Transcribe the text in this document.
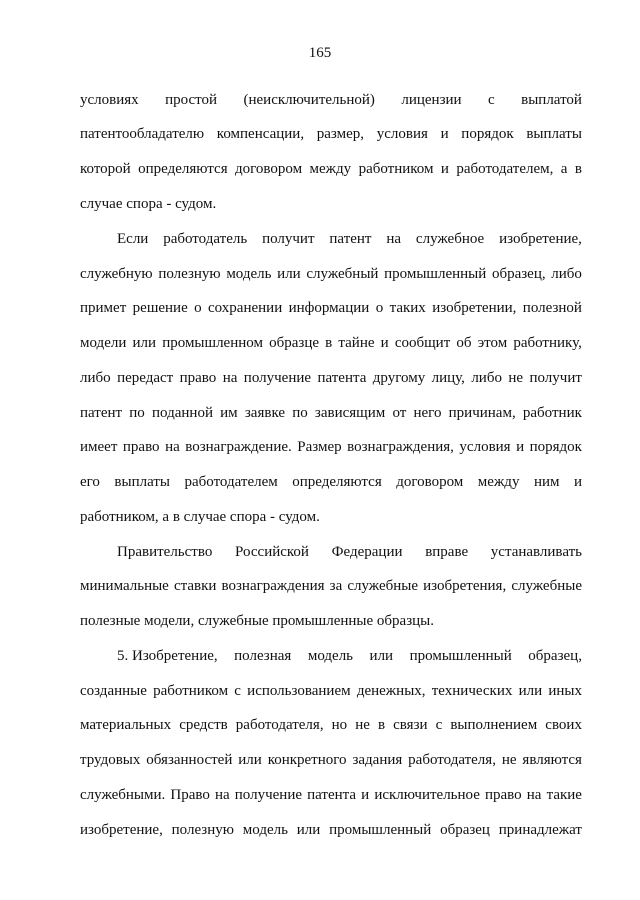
165
условиях простой (неисключительной) лицензии с выплатой
патентообладателю компенсации, размер, условия и порядок выплаты
которой определяются договором между работником и работодателем, а в
случае спора - судом.
Если работодатель получит патент на служебное изобретение,
служебную полезную модель или служебный промышленный образец, либо
примет решение о сохранении информации о таких изобретении, полезной
модели или промышленном образце в тайне и сообщит об этом работнику,
либо передаст право на получение патента другому лицу, либо не получит
патент по поданной им заявке по зависящим от него причинам, работник
имеет право на вознаграждение. Размер вознаграждения, условия и порядок
его выплаты работодателем определяются договором между ним и
работником, а в случае спора - судом.
Правительство Российской Федерации вправе устанавливать
минимальные ставки вознаграждения за служебные изобретения, служебные
полезные модели, служебные промышленные образцы.
5. Изобретение, полезная модель или промышленный образец,
созданные работником с использованием денежных, технических или иных
материальных средств работодателя, но не в связи с выполнением своих
трудовых обязанностей или конкретного задания работодателя, не являются
служебными. Право на получение патента и исключительное право на такие
изобретение, полезную модель или промышленный образец принадлежат
